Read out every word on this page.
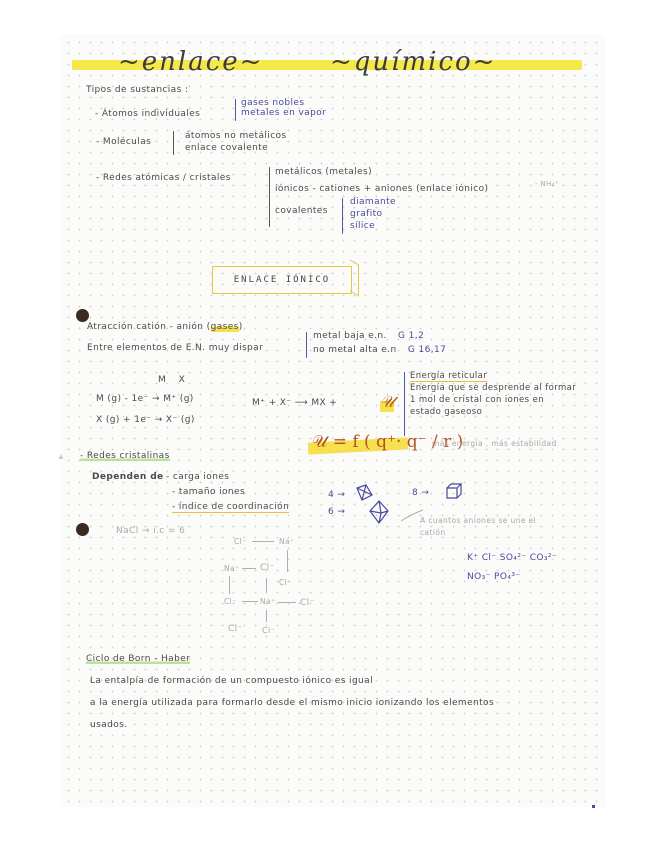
~enlace~	~químico~
Tipos de sustancias :
- Átomos individuales
gases nobles
metales en vapor
- Moléculas
átomos no metálicos
enlace covalente
- Redes atómicas / cristales
metálicos (metales)
iónicos - cationes + aniones (enlace iónico)	- NH₄⁺
covalentes
diamante
grafito
sílice
ENLACE IÓNICO
Atracción catión - anión (gases)
Entre elementos de E.N. muy dispar
metal baja e.n. G 1,2
no metal alta e.n G 16,17
M X
M (g) - 1e⁻ → M⁺ (g)
X (g) + 1e⁻ → X⁻ (g)
M⁺ + X⁻ ⟶ MX +	𝒰
Energía reticular
Energía que se desprende al formar
1 mol de cristal con iones en
estado gaseoso
𝒰 = f ( q⁺· q⁻ / r )
más energía , más estabilidad
≗ - Redes cristalinas
Dependen de - carga iones
- tamaño iones
- índice de coordinación
4 →
6 →
8 →
A cuantos aniones se une el
catión
NaCl → i.c = 6
Cl⁻	Na⁺
Na⁺ Cl⁻
Cl⁻
Cl⁻	Na⁺	Cl⁻
Cl⁻ Cl⁻
K⁺ Cl⁻ SO₄²⁻ CO₃²⁻
NO₃⁻ PO₄³⁻
Ciclo de Born - Haber
La entalpía de formación de un compuesto iónico es igual
a la energía utilizada para formarlo desde el mismo inicio ionizando los elementos
usados.
